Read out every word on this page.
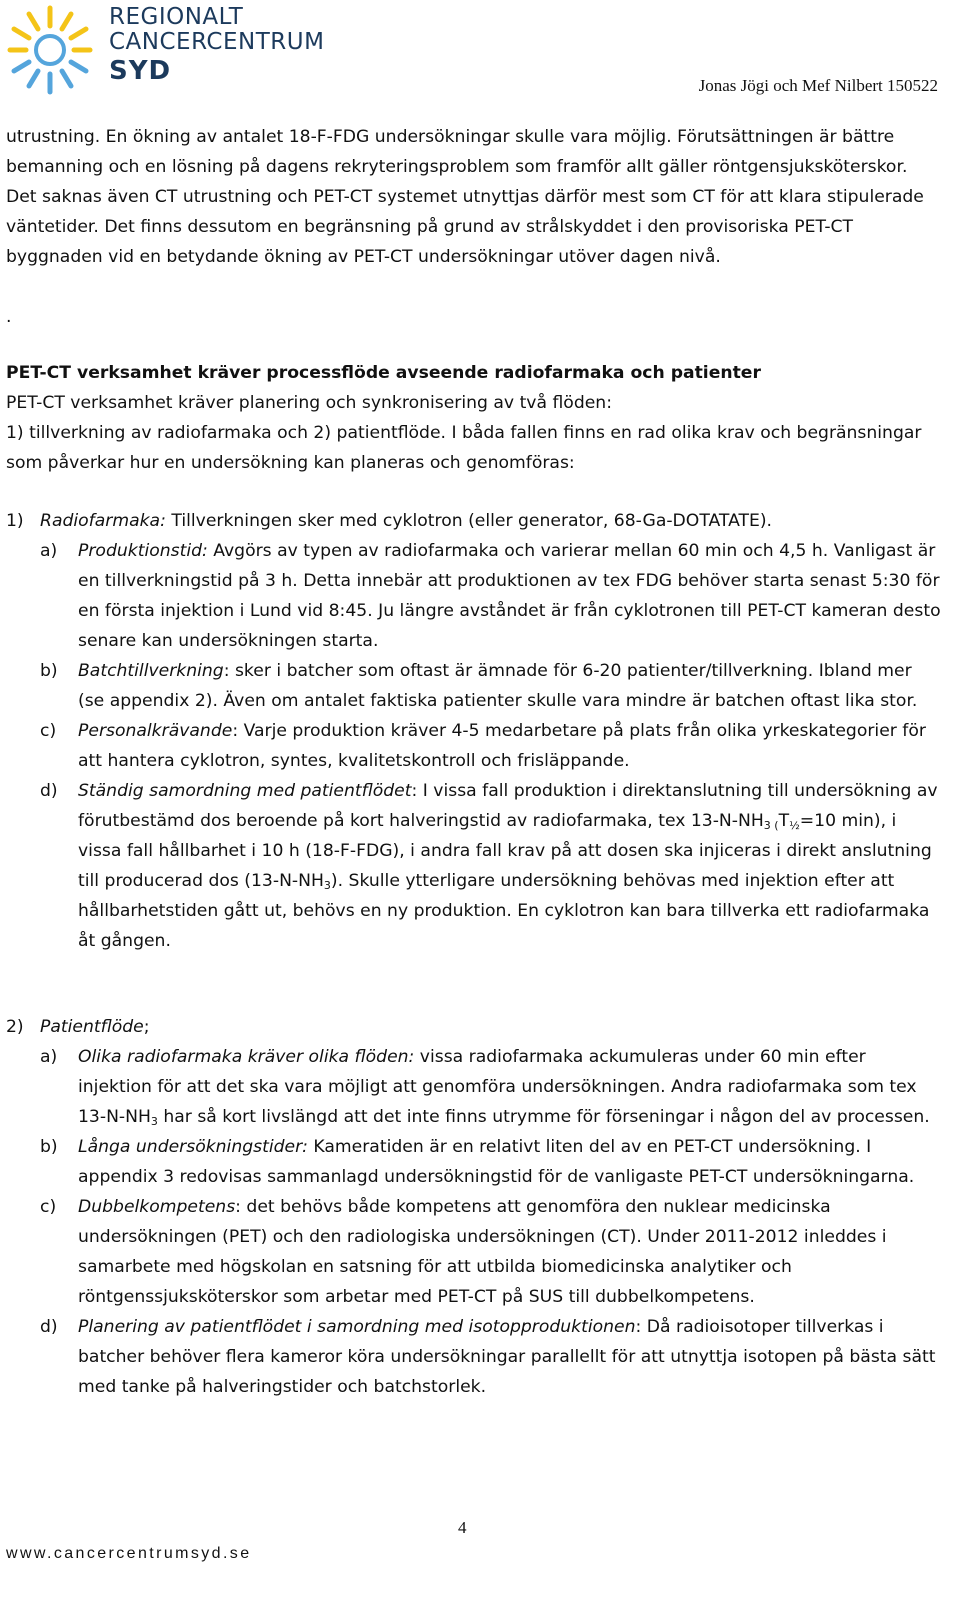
REGIONALT
CANCERCENTRUM
SYD	Jonas Jögi och Mef Nilbert 150522

utrustning. En ökning av antalet 18-F-FDG undersökningar skulle vara möjlig. Förutsättningen är bättre bemanning och en lösning på dagens rekryteringsproblem som framför allt gäller röntgensjuksköterskor. Det saknas även CT utrustning och PET-CT systemet utnyttjas därför mest som CT för att klara stipulerade väntetider. Det finns dessutom en begränsning på grund av strålskyddet i den provisoriska PET-CT byggnaden vid en betydande ökning av PET-CT undersökningar utöver dagen nivå.

.
PET-CT verksamhet kräver processflöde avseende radiofarmaka och patienter

PET-CT verksamhet kräver planering och synkronisering av två flöden:

1) tillverkning av radiofarmaka och 2) patientflöde. I båda fallen finns en rad olika krav och begränsningar som påverkar hur en undersökning kan planeras och genomföras:

1) Radiofarmaka: Tillverkningen sker med cyklotron (eller generator, 68-Ga-DOTATATE).
a) Produktionstid: Avgörs av typen av radiofarmaka och varierar mellan 60 min och 4,5 h. Vanligast är en tillverkningstid på 3 h. Detta innebär att produktionen av tex FDG behöver starta senast 5:30 för en första injektion i Lund vid 8:45. Ju längre avståndet är från cyklotronen till PET-CT kameran desto senare kan undersökningen starta.
b) Batchtillverkning: sker i batcher som oftast är ämnade för 6-20 patienter/tillverkning. Ibland mer (se appendix 2). Även om antalet faktiska patienter skulle vara mindre är batchen oftast lika stor.
c) Personalkrävande: Varje produktion kräver 4-5 medarbetare på plats från olika yrkeskategorier för att hantera cyklotron, syntes, kvalitetskontroll och frisläppande.
d) Ständig samordning med patientflödet: I vissa fall produktion i direktanslutning till undersökning av förutbestämd dos beroende på kort halveringstid av radiofarmaka, tex $13-N-NH_{3 (}T_{\frac{1}{2}}=10$ min), i vissa fall hållbarhet i 10 h (18-F-FDG), i andra fall krav på att dosen ska injiceras i direkt anslutning till producerad dos $(13-N-NH_3)$. Skulle ytterligare undersökning behövas med injektion efter att hållbarhetstiden gått ut, behövs en ny produktion. En cyklotron kan bara tillverka ett radiofarmaka åt gången.
2) Patientflöde;
a) Olika radiofarmaka kräver olika flöden: vissa radiofarmaka ackumuleras under 60 min efter injektion för att det ska vara möjligt att genomföra undersökningen. Andra radiofarmaka som tex $13-N-NH_3$ har så kort livslängd att det inte finns utrymme för förseningar i någon del av processen.
b) Långa undersökningstider: Kameratiden är en relativt liten del av en PET-CT undersökning. I appendix 3 redovisas sammanlagd undersökningstid för de vanligaste PET-CT undersökningarna.
c) Dubbelkompetens: det behövs både kompetens att genomföra den nuklear medicinska undersökningen (PET) och den radiologiska undersökningen (CT). Under 2011-2012 inleddes i samarbete med högskolan en satsning för att utbilda biomedicinska analytiker och röntgenssjuksköterskor som arbetar med PET-CT på SUS till dubbelkompetens.
d) Planering av patientflödet i samordning med isotopproduktionen: Då radioisotoper tillverkas i batcher behöver flera kameror köra undersökningar parallellt för att utnyttja isotopen på bästa sätt med tanke på halveringstider och batchstorlek.
4
www.cancercentrumsyd.se
